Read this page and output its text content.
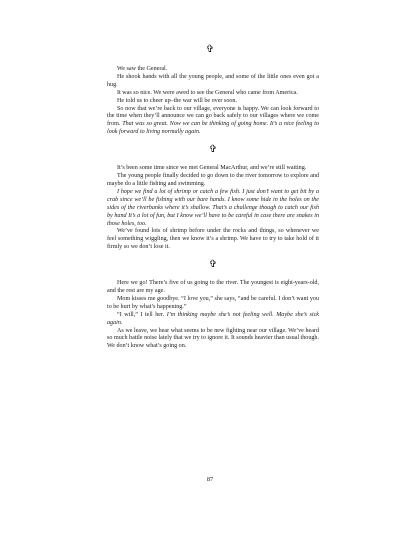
✞

We saw the General.

He shook hands with all the young people, and some of the little ones even got a hug.

It was so nice. We were awed to see the General who came from America.

He told us to cheer up–the war will be over soon.

So now that we’re back to our village, everyone is happy. We can look forward to the time when they’ll announce we can go back safely to our villages where we come from. That was so great. Now we can be thinking of going home. It’s a nice feeling to look forward to living normally again.

✞

It’s been some time since we met General MacArthur, and we’re still waiting.

The young people finally decided to go down to the river tomorrow to explore and maybe do a little fishing and swimming.

I hope we find a lot of shrimp or catch a few fish. I just don’t want to get bit by a crab since we’ll be fishing with our bare hands. I know some hide in the holes on the sides of the riverbanks where it’s shallow. That’s a challenge though to catch our fish by hand It’s a lot of fun, but I know we’ll have to be careful in case there are snakes in those holes, too.

We’ve found lots of shrimp before under the rocks and things, so whenever we feel something wiggling, then we know it’s a shrimp. We have to try to take hold of it firmly so we don’t lose it.

✞

Here we go! There’s five of us going to the river. The youngest is eight-years-old, and the rest are my age.

Mom kisses me goodbye. “I love you,” she says, “and be careful. I don’t want you to be hurt by what’s happening.”

“I will,” I tell her. I’m thinking maybe she’s not feeling well. Maybe she’s sick again.

As we leave, we hear what seems to be new fighting near our village. We’ve heard so much battle noise lately that we try to ignore it. It sounds heavier than usual though. We don’t know what’s going on.

87
